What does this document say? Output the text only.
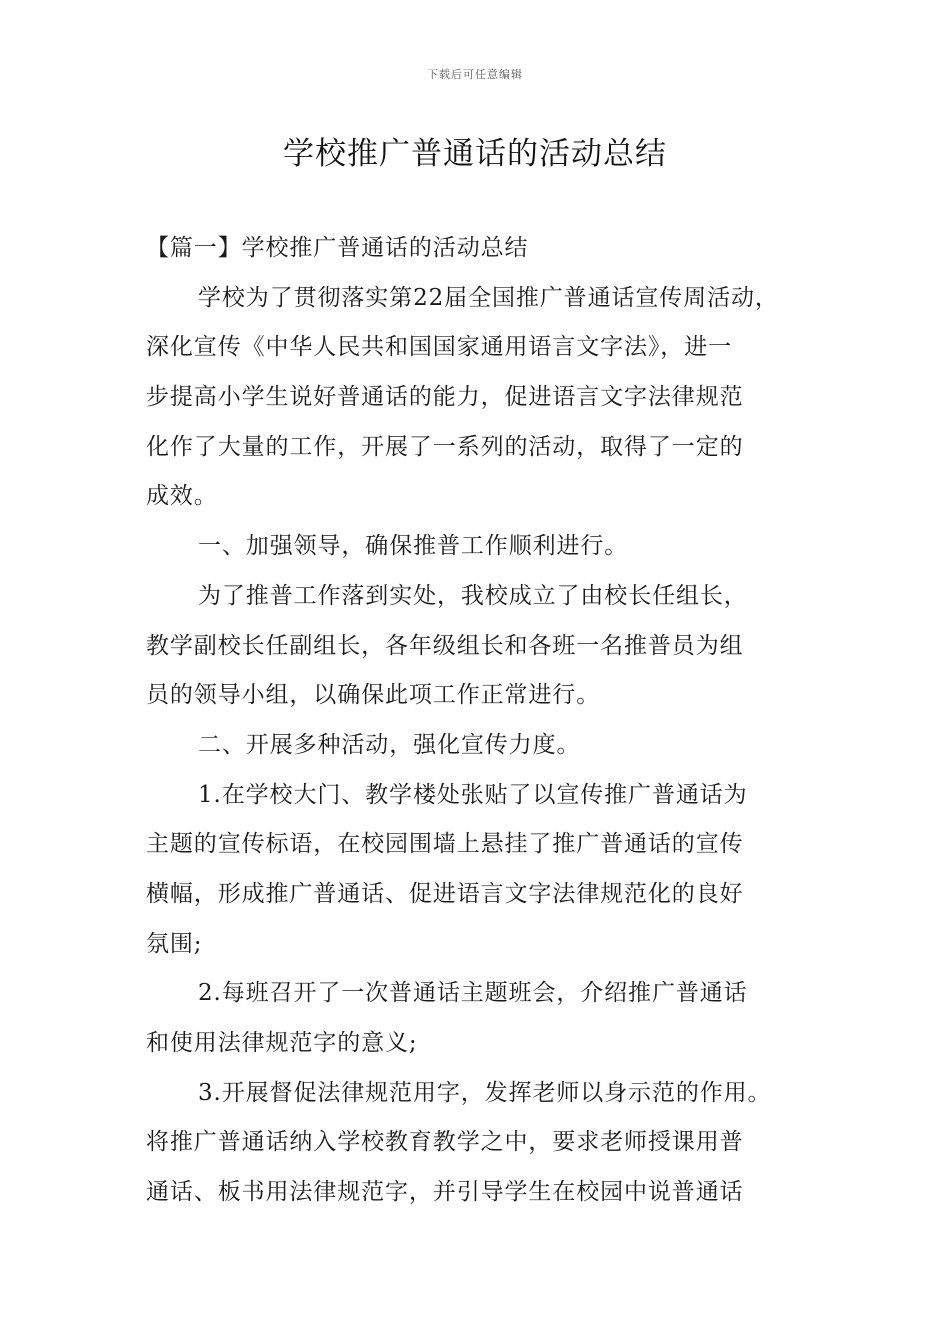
下载后可任意编辑
学校推广普通话的活动总结
【篇一】学校推广普通话的活动总结
学校为了贯彻落实第22届全国推广普通话宣传周活动，
深化宣传《中华人民共和国国家通用语言文字法》，进一
步提高小学生说好普通话的能力，促进语言文字法律规范
化作了大量的工作，开展了一系列的活动，取得了一定的
成效。
一、加强领导，确保推普工作顺利进行。
为了推普工作落到实处，我校成立了由校长任组长，
教学副校长任副组长，各年级组长和各班一名推普员为组
员的领导小组，以确保此项工作正常进行。
二、开展多种活动，强化宣传力度。
1.在学校大门、教学楼处张贴了以宣传推广普通话为
主题的宣传标语，在校园围墙上悬挂了推广普通话的宣传
横幅，形成推广普通话、促进语言文字法律规范化的良好
氛围;
2.每班召开了一次普通话主题班会，介绍推广普通话
和使用法律规范字的意义;
3.开展督促法律规范用字，发挥老师以身示范的作用。
将推广普通话纳入学校教育教学之中，要求老师授课用普
通话、板书用法律规范字，并引导学生在校园中说普通话
